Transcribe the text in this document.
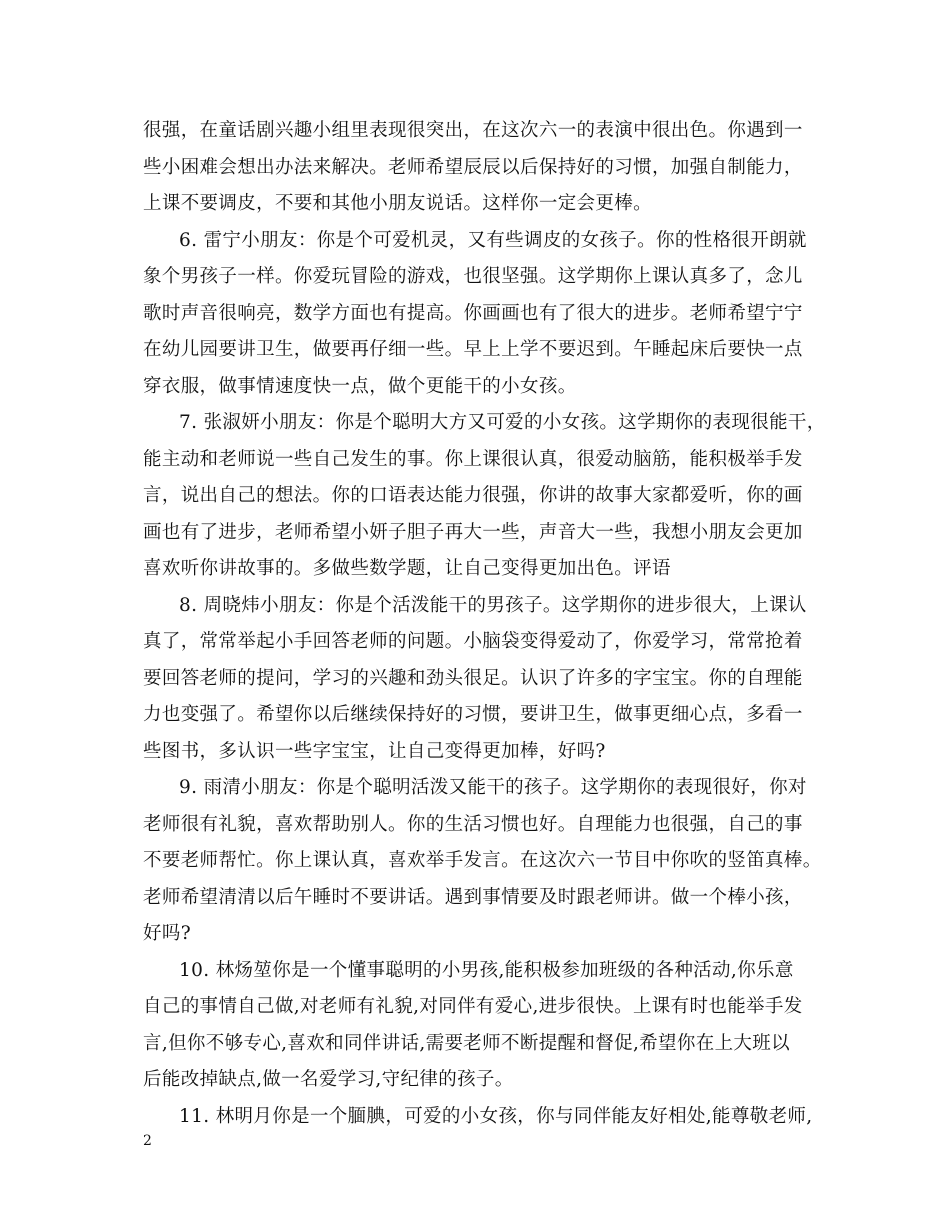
很强，在童话剧兴趣小组里表现很突出，在这次六一的表演中很出色。你遇到一
些小困难会想出办法来解决。老师希望辰辰以后保持好的习惯，加强自制能力，
上课不要调皮，不要和其他小朋友说话。这样你一定会更棒。
6. 雷宁小朋友：你是个可爱机灵，又有些调皮的女孩子。你的性格很开朗就
象个男孩子一样。你爱玩冒险的游戏，也很坚强。这学期你上课认真多了，念儿
歌时声音很响亮，数学方面也有提高。你画画也有了很大的进步。老师希望宁宁
在幼儿园要讲卫生，做要再仔细一些。早上上学不要迟到。午睡起床后要快一点
穿衣服，做事情速度快一点，做个更能干的小女孩。
7. 张淑妍小朋友：你是个聪明大方又可爱的小女孩。这学期你的表现很能干，
能主动和老师说一些自己发生的事。你上课很认真，很爱动脑筋，能积极举手发
言，说出自己的想法。你的口语表达能力很强，你讲的故事大家都爱听，你的画
画也有了进步，老师希望小妍子胆子再大一些，声音大一些，我想小朋友会更加
喜欢听你讲故事的。多做些数学题，让自己变得更加出色。评语
8. 周晓炜小朋友：你是个活泼能干的男孩子。这学期你的进步很大，上课认
真了，常常举起小手回答老师的问题。小脑袋变得爱动了，你爱学习，常常抢着
要回答老师的提问，学习的兴趣和劲头很足。认识了许多的字宝宝。你的自理能
力也变强了。希望你以后继续保持好的习惯，要讲卫生，做事更细心点，多看一
些图书，多认识一些字宝宝，让自己变得更加棒，好吗?
9. 雨清小朋友：你是个聪明活泼又能干的孩子。这学期你的表现很好，你对
老师很有礼貌，喜欢帮助别人。你的生活习惯也好。自理能力也很强，自己的事
不要老师帮忙。你上课认真，喜欢举手发言。在这次六一节目中你吹的竖笛真棒。
老师希望清清以后午睡时不要讲话。遇到事情要及时跟老师讲。做一个棒小孩，
好吗?
10. 林炀堃你是一个懂事聪明的小男孩,能积极参加班级的各种活动,你乐意
自己的事情自己做,对老师有礼貌,对同伴有爱心,进步很快。上课有时也能举手发
言,但你不够专心,喜欢和同伴讲话,需要老师不断提醒和督促,希望你在上大班以
后能改掉缺点,做一名爱学习,守纪律的孩子。
11. 林明月你是一个腼腆，可爱的小女孩，你与同伴能友好相处,能尊敬老师,
2
